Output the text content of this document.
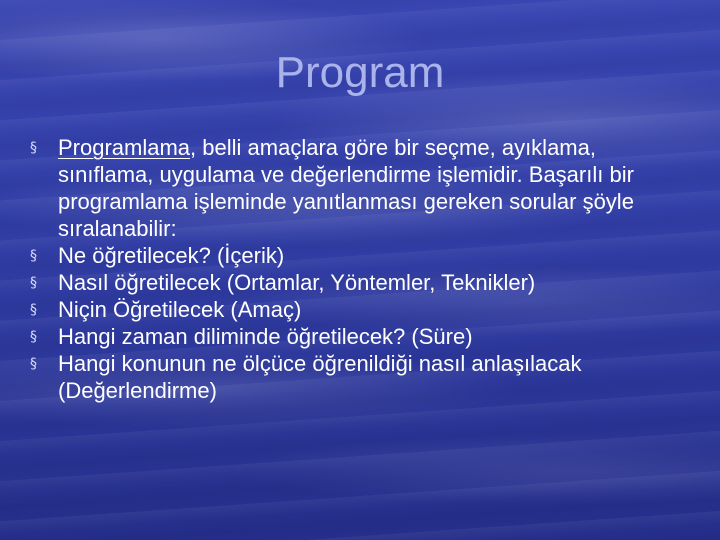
Program
§ Programlama, belli amaçlara göre bir seçme, ayıklama, sınıflama, uygulama ve değerlendirme işlemidir. Başarılı bir programlama işleminde yanıtlanması gereken sorular şöyle sıralanabilir:
§ Ne öğretilecek? (İçerik)
§ Nasıl öğretilecek (Ortamlar, Yöntemler, Teknikler)
§ Niçin Öğretilecek (Amaç)
§ Hangi zaman diliminde öğretilecek? (Süre)
§ Hangi konunun ne ölçüce öğrenildiği nasıl anlaşılacak (Değerlendirme)
